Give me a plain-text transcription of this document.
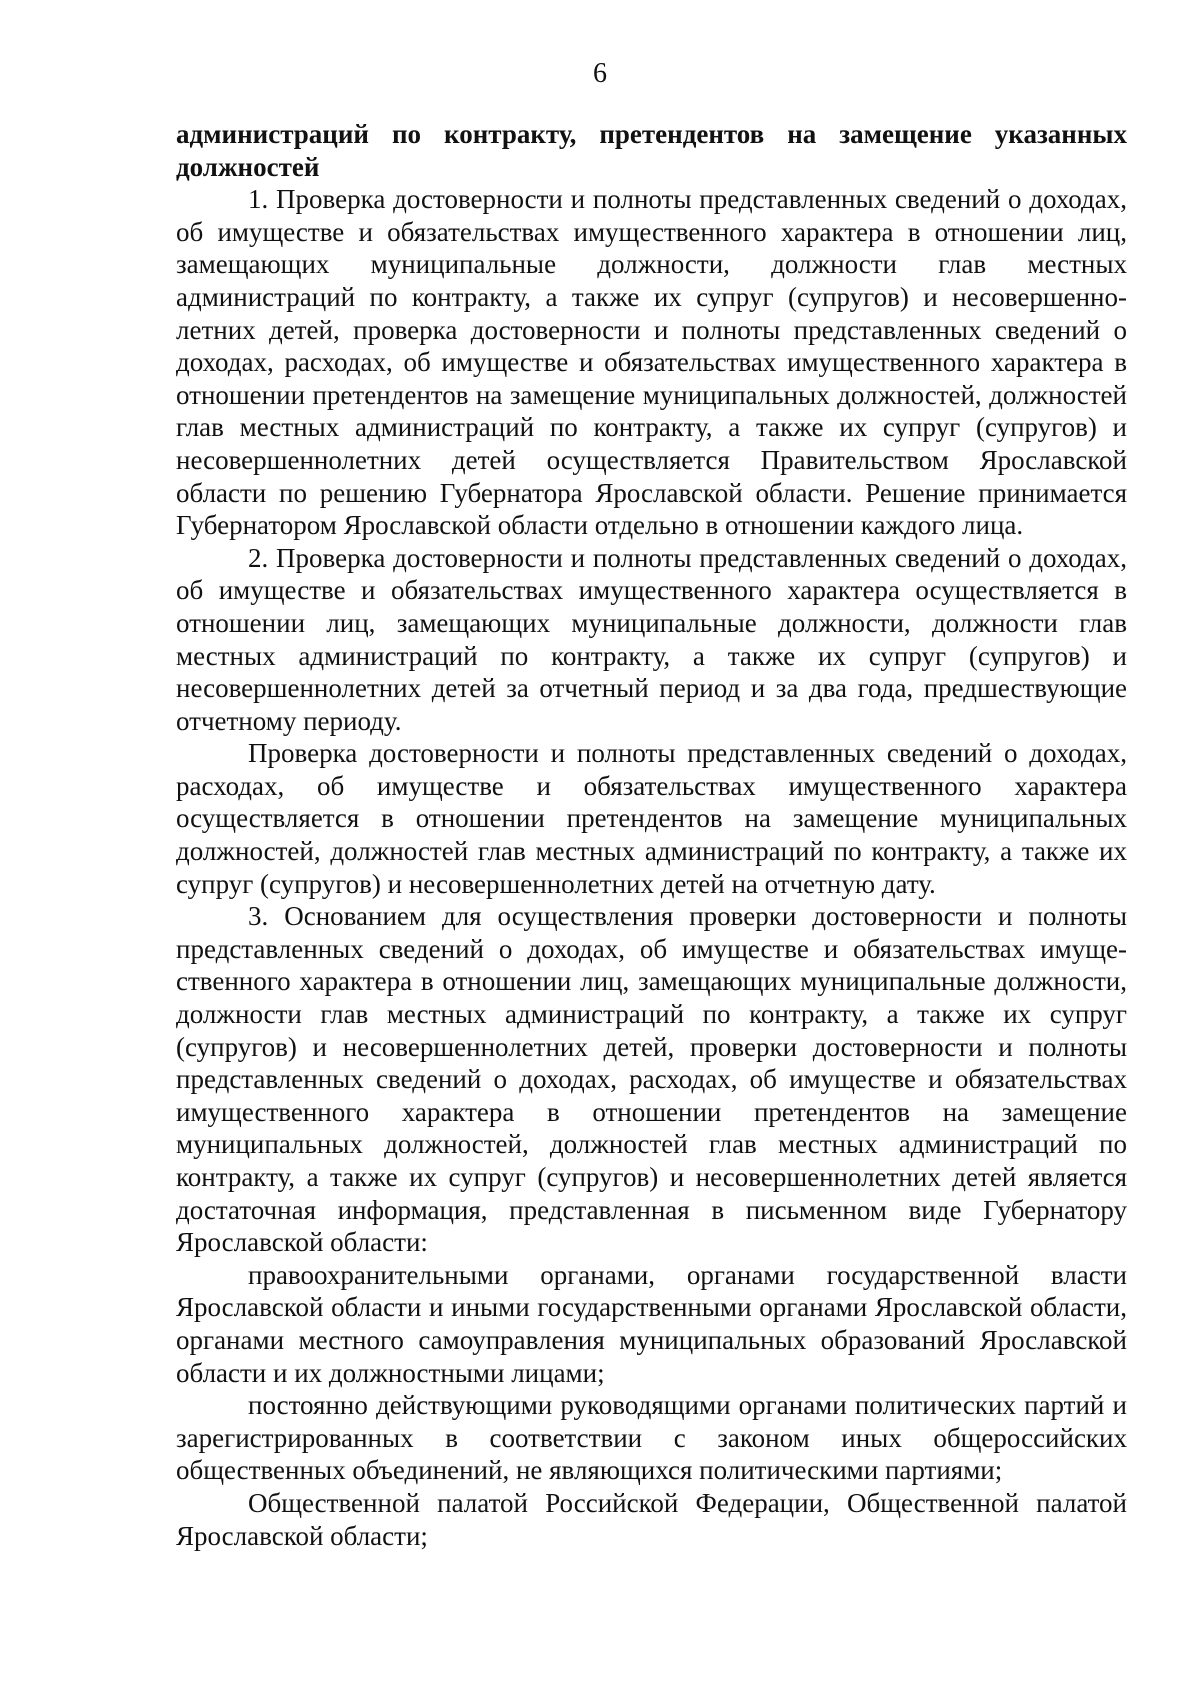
6

администраций по контракту, претендентов на замещение указанных должностей

1. Проверка достоверности и полноты представленных сведений о доходах, об имуществе и обязательствах имущественного характера в отношении лиц, замещающих муниципальные должности, должности глав местных администраций по контракту, а также их супруг (супругов) и несовершеннолетних детей, проверка достоверности и полноты представленных сведений о доходах, расходах, об имуществе и обязательствах имущественного характера в отношении претендентов на замещение муниципальных должностей, должностей глав местных администраций по контракту, а также их супруг (супругов) и несовершеннолетних детей осуществляется Правительством Ярославской области по решению Губернатора Ярославской области. Решение принимается Губернатором Ярославской области отдельно в отношении каждого лица.

2. Проверка достоверности и полноты представленных сведений о доходах, об имуществе и обязательствах имущественного характера осуществляется в отношении лиц, замещающих муниципальные должности, должности глав местных администраций по контракту, а также их супруг (супругов) и несовершеннолетних детей за отчетный период и за два года, предшествующие отчетному периоду.

Проверка достоверности и полноты представленных сведений о доходах, расходах, об имуществе и обязательствах имущественного характера осуществляется в отношении претендентов на замещение муниципальных должностей, должностей глав местных администраций по контракту, а также их супруг (супругов) и несовершеннолетних детей на отчетную дату.

3. Основанием для осуществления проверки достоверности и полноты представленных сведений о доходах, об имуществе и обязательствах имущественного характера в отношении лиц, замещающих муниципальные должности, должности глав местных администраций по контракту, а также их супруг (супругов) и несовершеннолетних детей, проверки достоверности и полноты представленных сведений о доходах, расходах, об имуществе и обязательствах имущественного характера в отношении претендентов на замещение муниципальных должностей, должностей глав местных администраций по контракту, а также их супруг (супругов) и несовершеннолетних детей является достаточная информация, представленная в письменном виде Губернатору Ярославской области:

правоохранительными органами, органами государственной власти Ярославской области и иными государственными органами Ярославской области, органами местного самоуправления муниципальных образований Ярославской области и их должностными лицами;

постоянно действующими руководящими органами политических партий и зарегистрированных в соответствии с законом иных общероссийских общественных объединений, не являющихся политическими партиями;

Общественной палатой Российской Федерации, Общественной палатой Ярославской области;
